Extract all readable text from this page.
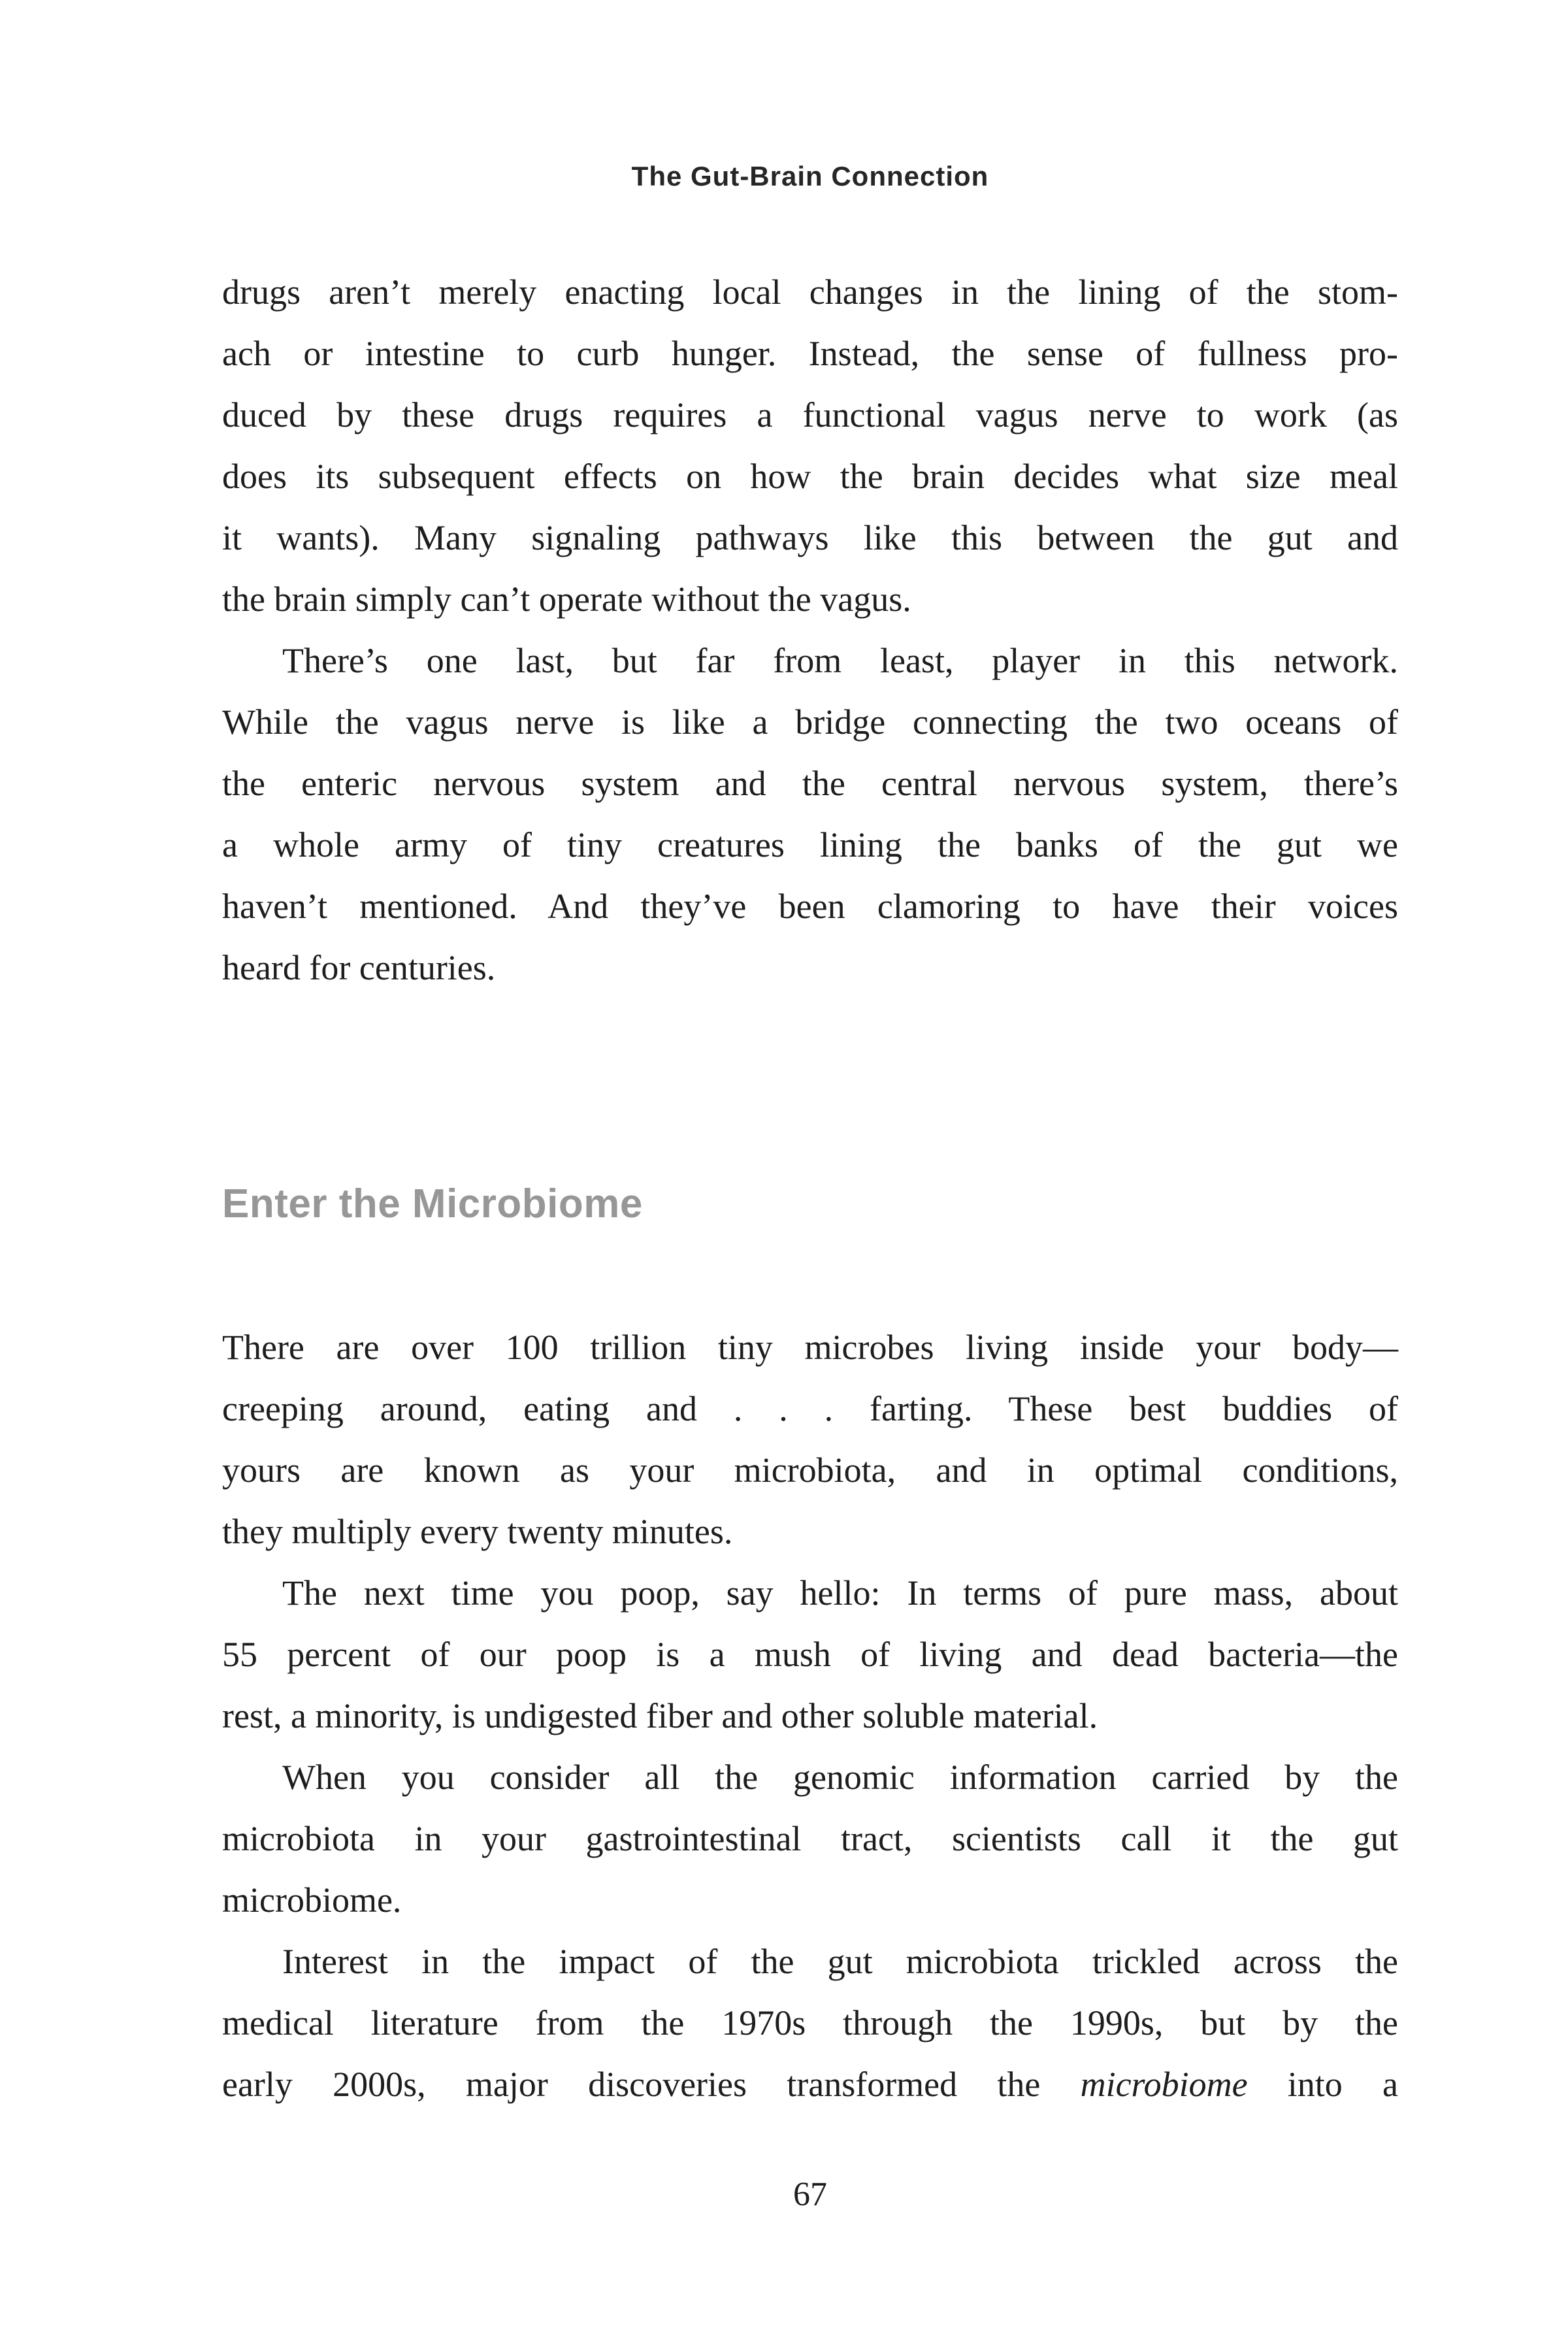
The Gut-Brain Connection
drugs aren’t merely enacting local changes in the lining of the stom-
ach or intestine to curb hunger. Instead, the sense of fullness pro-
duced by these drugs requires a functional vagus nerve to work (as
does its subsequent effects on how the brain decides what size meal
it wants). Many signaling pathways like this between the gut and
the brain simply can’t operate without the vagus.
There’s one last, but far from least, player in this network.
While the vagus nerve is like a bridge connecting the two oceans of
the enteric nervous system and the central nervous system, there’s
a whole army of tiny creatures lining the banks of the gut we
haven’t mentioned. And they’ve been clamoring to have their voices
heard for centuries.
Enter the Microbiome
There are over 100 trillion tiny microbes living inside your body—
creeping around, eating and . . . farting. These best buddies of
yours are known as your microbiota, and in optimal conditions,
they multiply every twenty minutes.
The next time you poop, say hello: In terms of pure mass, about
55 percent of our poop is a mush of living and dead bacteria—the
rest, a minority, is undigested fiber and other soluble material.
When you consider all the genomic information carried by the
microbiota in your gastrointestinal tract, scientists call it the gut
microbiome.
Interest in the impact of the gut microbiota trickled across the
medical literature from the 1970s through the 1990s, but by the
early 2000s, major discoveries transformed the microbiome into a
67
